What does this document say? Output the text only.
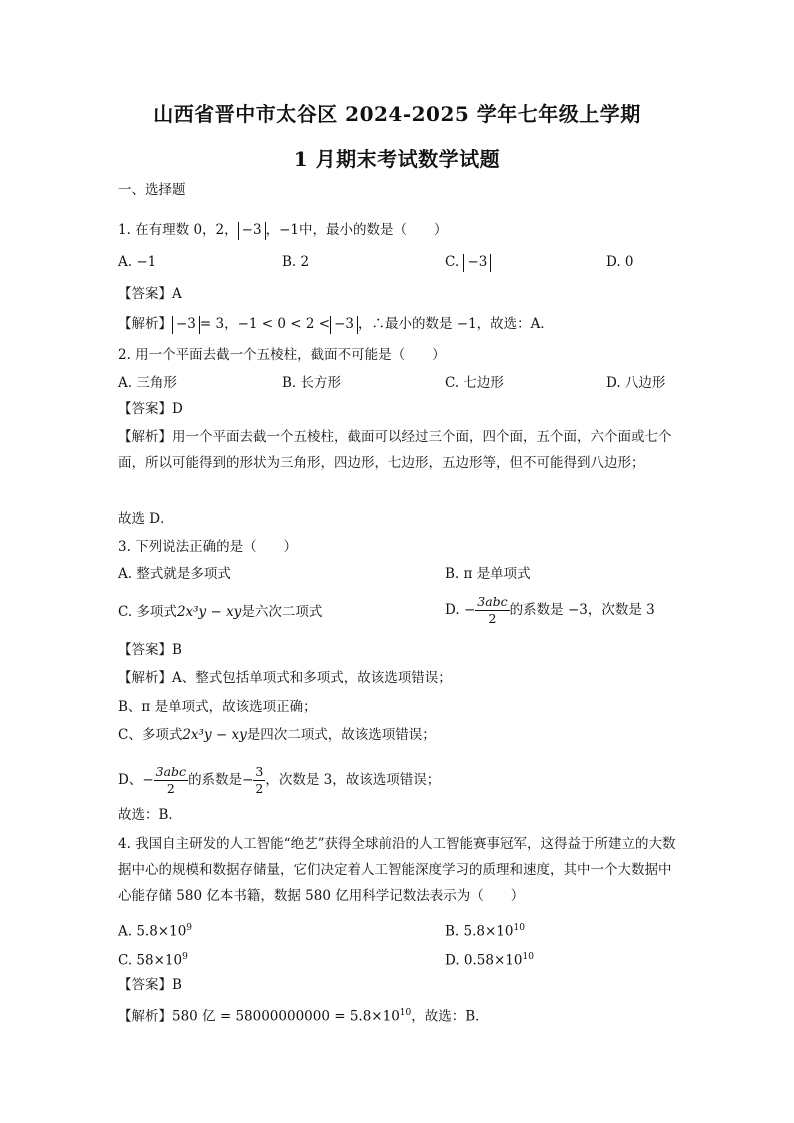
山西省晋中市太谷区 2024-2025 学年七年级上学期
1 月期末考试数学试题
一、选择题
1. 在有理数 0，2， −3 ，−1中，最小的数是（　　）
A. −1	B. 2	C. −3	D. 0
【答案】A
【解析】 −3 = 3，−1 < 0 < 2 < −3 ，∴最小的数是 −1，故选：A．
2. 用一个平面去截一个五棱柱，截面不可能是（　　）
A. 三角形	B. 长方形	C. 七边形	D. 八边形
【答案】D
【解析】用一个平面去截一个五棱柱，截面可以经过三个面，四个面，五个面，六个面或七个面，所以可能得到的形状为三角形，四边形，七边形，五边形等，但不可能得到八边形；
故选 D．
3. 下列说法正确的是（　　）
A. 整式就是多项式	B. π 是单项式
C. 多项式2x³y − xy是六次二项式	D. − $\frac{\text{3abc}}{2}$ 的系数是 −3，次数是 3
【答案】B
【解析】A、整式包括单项式和多项式，故该选项错误；
B、π 是单项式，故该选项正确；
C、多项式2x³y − xy是四次二项式，故该选项错误；
D、− $\frac{\text{3abc}}{2}$ 的系数是− $\frac{3}{2}$ ，次数是 3，故该选项错误；
故选：B．
4. 我国自主研发的人工智能“绝艺”获得全球前沿的人工智能赛事冠军，这得益于所建立的大数据中心的规模和数据存储量，它们决定着人工智能深度学习的质理和速度，其中一个大数据中心能存储 580 亿本书籍，数据 580 亿用科学记数法表示为（　　）
A. $5.8\times 10^9$	B. $5.8\times 10^{10}$
C. $58\times 10^9$	D. $0.58\times 10^{10}$
【答案】B
【解析】580 亿 = $58000000000 = 5.8\times 10^{10}$，故选：B．
